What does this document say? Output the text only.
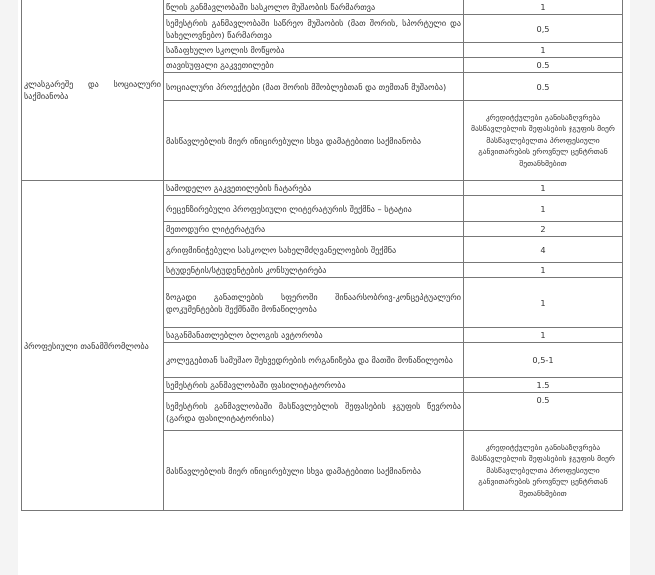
კლასგარეშე და სოციალური საქმიანობა	წლის განმავლობაში სასკოლო მუშაობის წარმართვა	1
	სემესტრის განმავლობაში საწრეო მუშაობის (მათ შორის, სპორტული და სახელოვნებო) წარმართვა	0,5
	საზაფხულო სკოლის მოწყობა	1
	თავისუფალი გაკვეთილები	0.5
	სოციალური პროექტები (მათ შორის მშობლებთან და თემთან მუშაობა)	0.5
	მასწავლებლის მიერ ინიცირებული სხვა დამატებითი საქმიანობა	კრედიტქულები განისაზღვრება მასწავლებლის შეფასების ჯგუფის მიერ მასწავლებელთა პროფესიული განვითარების ეროვნულ ცენტრთან შეთანხმებით
პროფესიული თანამშრომლობა	სამოდელო გაკვეთილების ჩატარება	1
	რეცენზირებული პროფესიული ლიტერატურის შექმნა – სტატია	1
	მეთოდური ლიტერატურა	2
	გრიფმინიჭებული სასკოლო სახელმძღვანელოების შექმნა	4
	სტუდენტის/სტუდენტების კონსულტირება	1
	ზოგადი განათლების სფეროში შინაარსობრივ-კონცეპტუალური დოკუმენტების შექმნაში მონაწილეობა	1
	საგანმანათლებლო ბლოგის ავტორობა	1
	კოლეგებთან სამუშაო შეხვედრების ორგანიზება და მათში მონაწილეობა	0,5-1
	სემესტრის განმავლობაში ფასილიტატორობა	1.5
	სემესტრის განმავლობაში მასწავლებლის შეფასების ჯგუფის წევრობა (გარდა ფასილიტატორისა)	0.5
	მასწავლებლის მიერ ინიცირებული სხვა დამატებითი საქმიანობა	კრედიტქულები განისაზღვრება მასწავლებლის შეფასების ჯგუფის მიერ მასწავლებელთა პროფესიული განვითარების ეროვნულ ცენტრთან შეთანხმებით
